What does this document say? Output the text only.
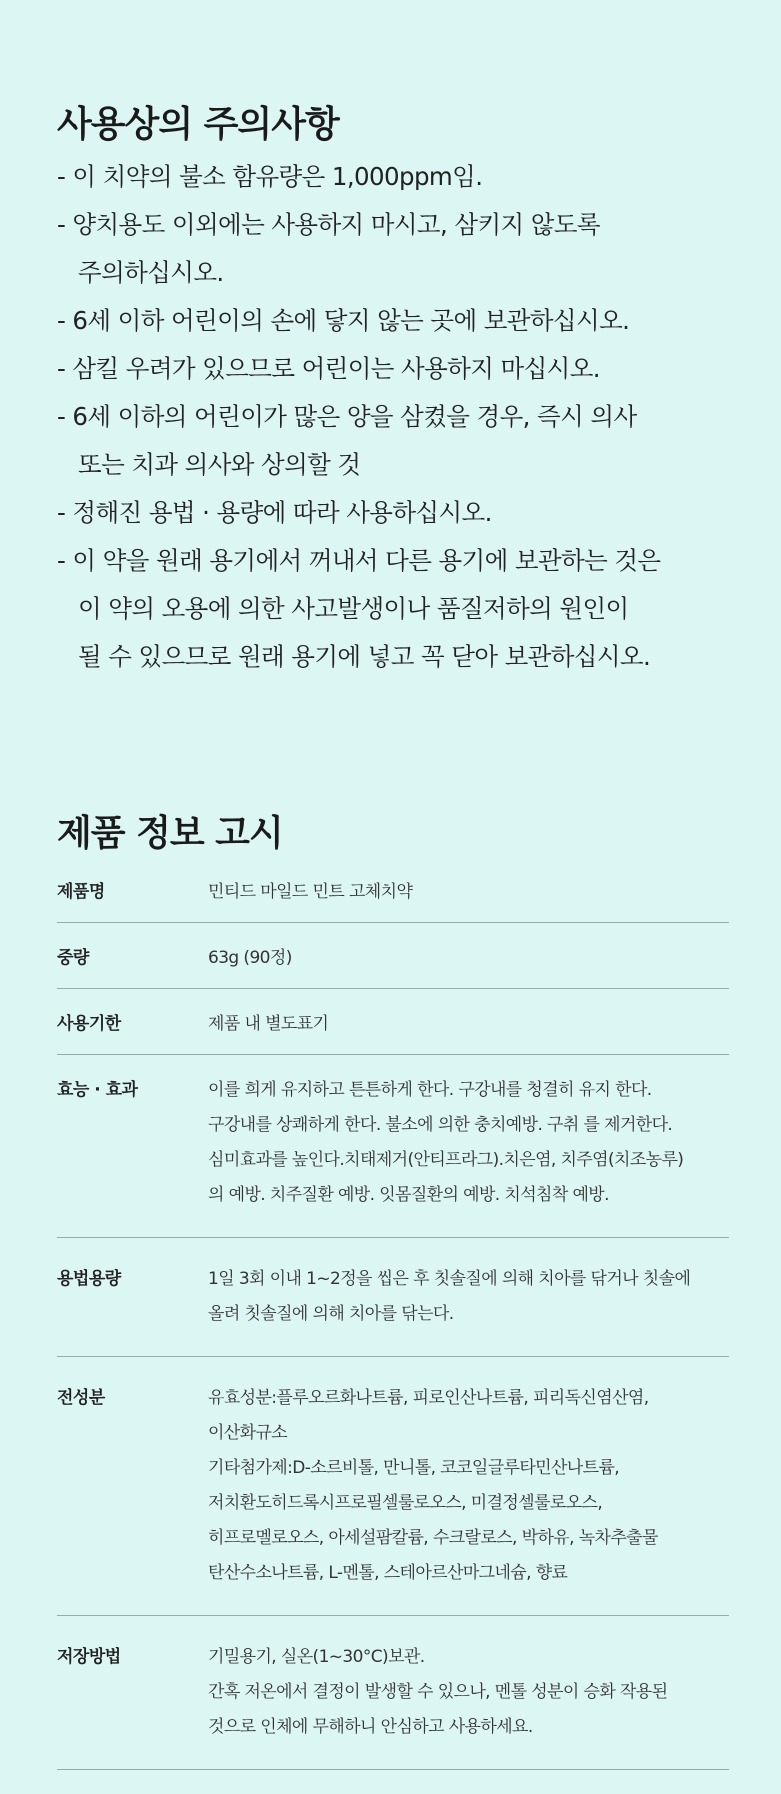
사용상의 주의사항
- 이 치약의 불소 함유량은 1,000ppm임.
- 양치용도 이외에는 사용하지 마시고, 삼키지 않도록
주의하십시오.
- 6세 이하 어린이의 손에 닿지 않는 곳에 보관하십시오.
- 삼킬 우려가 있으므로 어린이는 사용하지 마십시오.
- 6세 이하의 어린이가 많은 양을 삼켰을 경우, 즉시 의사
또는 치과 의사와 상의할 것
- 정해진 용법 · 용량에 따라 사용하십시오.
- 이 약을 원래 용기에서 꺼내서 다른 용기에 보관하는 것은
이 약의 오용에 의한 사고발생이나 품질저하의 원인이
될 수 있으므로 원래 용기에 넣고 꼭 닫아 보관하십시오.
제품 정보 고시
제품명	민티드 마일드 민트 고체치약
중량	63g (90정)
사용기한	제품 내 별도표기
효능 · 효과	이를 희게 유지하고 튼튼하게 한다. 구강내를 청결히 유지 한다.
구강내를 상쾌하게 한다. 불소에 의한 충치예방. 구취 를 제거한다.
심미효과를 높인다.치태제거(안티프라그).치은염, 치주염(치조농루)
의 예방. 치주질환 예방. 잇몸질환의 예방. 치석침착 예방.
용법용량	1일 3회 이내 1~2정을 씹은 후 칫솔질에 의해 치아를 닦거나 칫솔에
올려 칫솔질에 의해 치아를 닦는다.
전성분	유효성분:플루오르화나트륨, 피로인산나트륨, 피리독신염산염,
이산화규소
기타첨가제:D-소르비톨, 만니톨, 코코일글루타민산나트륨,
저치환도히드록시프로필셀룰로오스, 미결정셀룰로오스,
히프로멜로오스, 아세설팜칼륨, 수크랄로스, 박하유, 녹차추출물
탄산수소나트륨, L-멘톨, 스테아르산마그네슘, 향료
저장방법	기밀용기, 실온(1~30°C)보관.
간혹 저온에서 결정이 발생할 수 있으나, 멘톨 성분이 승화 작용된
것으로 인체에 무해하니 안심하고 사용하세요.
